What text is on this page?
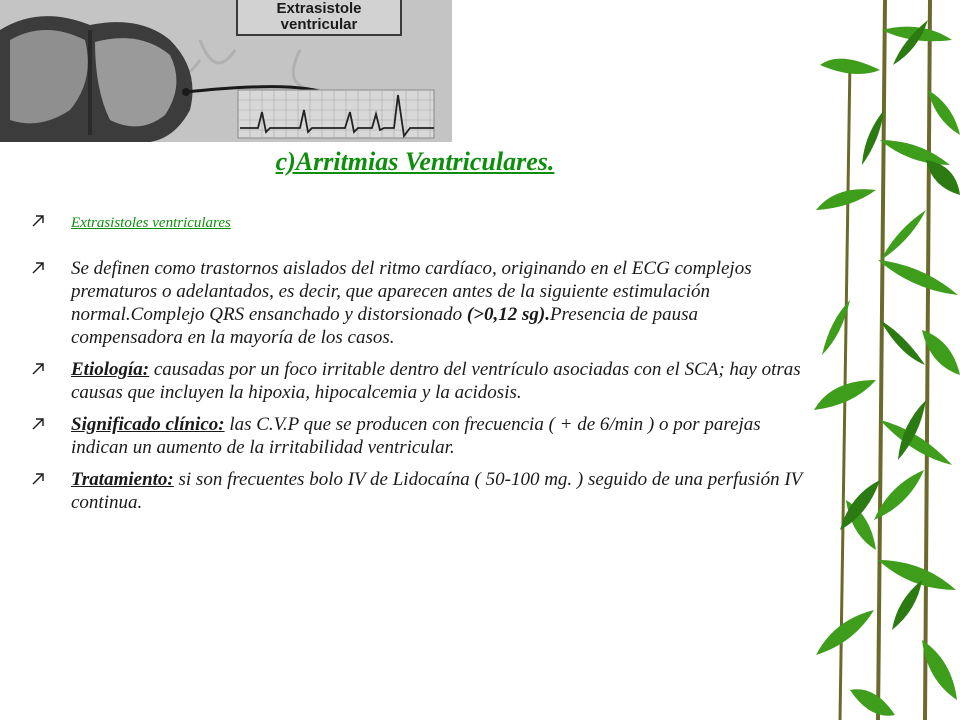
Extrasistole
ventricular
c)Arritmias Ventriculares.
Extrasistoles ventriculares
Se definen como trastornos aislados del ritmo cardíaco, originando en el ECG complejos prematuros o adelantados, es decir, que aparecen antes de la siguiente estimulación normal.Complejo QRS ensanchado y distorsionado (>0,12 sg).Presencia de pausa compensadora en la mayoría de los casos.
Etiología: causadas por un foco irritable dentro del ventrículo asociadas con el SCA; hay otras causas que incluyen la hipoxia, hipocalcemia y la acidosis.
Significado clínico: las C.V.P que se producen con frecuencia ( + de 6/min ) o por parejas indican un aumento de la irritabilidad ventricular.
Tratamiento: si son frecuentes bolo IV de Lidocaína ( 50-100 mg. ) seguido de una perfusión IV continua.
